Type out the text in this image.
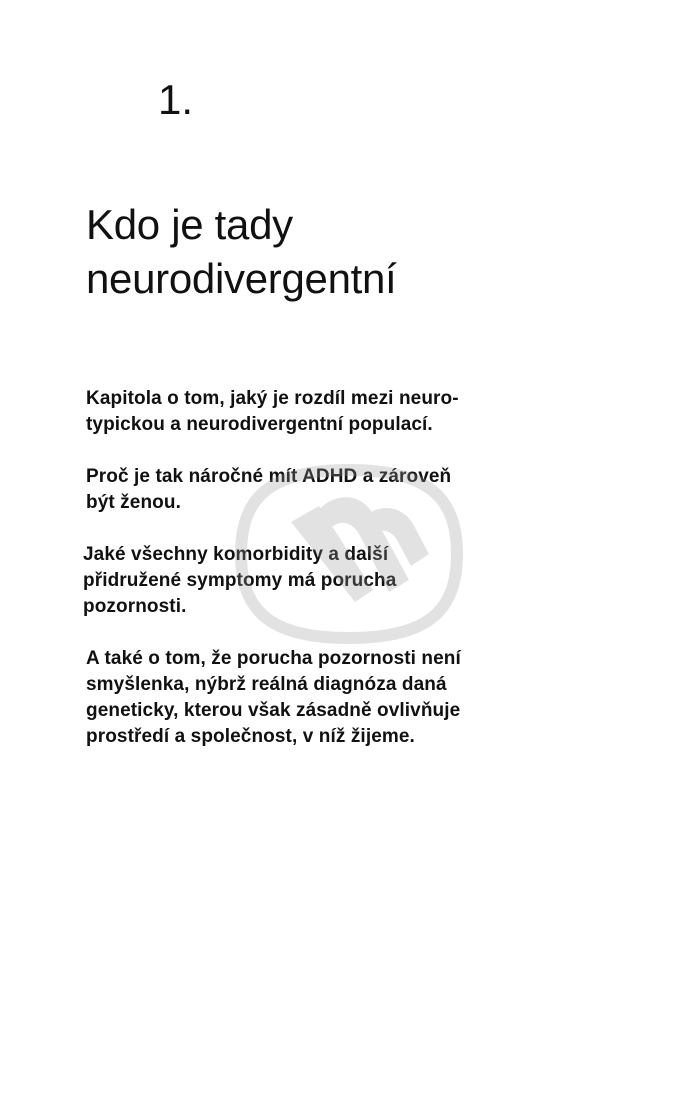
1.
Kdo je tady
neurodivergentní

Kapitola o tom, jaký je rozdíl mezi neuro-
typickou a neurodivergentní populací.

Proč je tak náročné mít ADHD a zároveň
být ženou.

Jaké všechny komorbidity a další
přidružené symptomy má porucha
pozornosti.

A také o tom, že porucha pozornosti není
smyšlenka, nýbrž reálná diagnóza daná
geneticky, kterou však zásadně ovlivňuje
prostředí a společnost, v níž žijeme.
